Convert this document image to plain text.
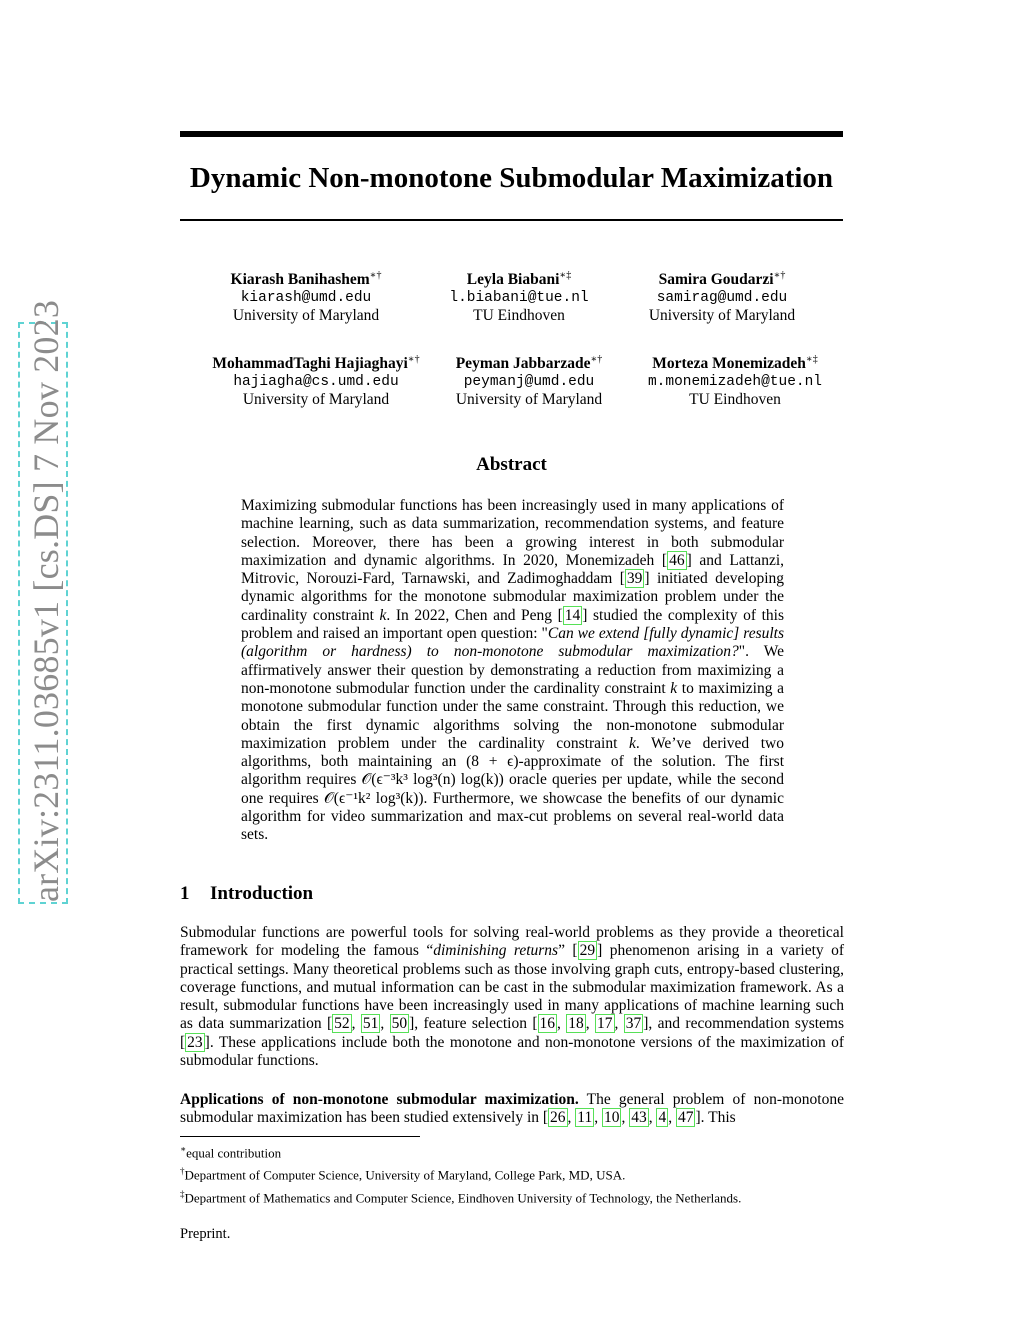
arXiv:2311.03685v1 [cs.DS] 7 Nov 2023
Dynamic Non-monotone Submodular Maximization
Kiarash Banihashem∗†
kiarash@umd.edu
University of Maryland
Leyla Biabani∗‡
l.biabani@tue.nl
TU Eindhoven
Samira Goudarzi∗†
samirag@umd.edu
University of Maryland
MohammadTaghi Hajiaghayi∗†
hajiagha@cs.umd.edu
University of Maryland
Peyman Jabbarzade∗†
peymanj@umd.edu
University of Maryland
Morteza Monemizadeh∗‡
m.monemizadeh@tue.nl
TU Eindhoven
Abstract
Maximizing submodular functions has been increasingly used in many applications of machine learning, such as data summarization, recommendation systems, and feature selection. Moreover, there has been a growing interest in both submodular maximization and dynamic algorithms. In 2020, Monemizadeh [ 46 ] and Lattanzi, Mitrovic, Norouzi-Fard, Tarnawski, and Zadimoghaddam [ 39 ] initiated developing dynamic algorithms for the monotone submodular maximization problem under the cardinality constraint k. In 2022, Chen and Peng [ 14 ] studied the complexity of this problem and raised an important open question: "Can we extend [fully dynamic] results (algorithm or hardness) to non-monotone submodular maximization?". We affirmatively answer their question by demonstrating a reduction from maximizing a non-monotone submodular function under the cardinality constraint k to maximizing a monotone submodular function under the same constraint. Through this reduction, we obtain the first dynamic algorithms solving the non-monotone submodular maximization problem under the cardinality constraint k. We’ve derived two algorithms, both maintaining an (8 + ϵ)-approximate of the solution. The first algorithm requires 𝒪(ϵ⁻³k³ log³(n) log(k)) oracle queries per update, while the second one requires 𝒪(ϵ⁻¹k² log³(k)). Furthermore, we showcase the benefits of our dynamic algorithm for video summarization and max-cut problems on several real-world data sets.
1 Introduction
Submodular functions are powerful tools for solving real-world problems as they provide a theoretical framework for modeling the famous “diminishing returns” [ 29 ] phenomenon arising in a variety of practical settings. Many theoretical problems such as those involving graph cuts, entropy-based clustering, coverage functions, and mutual information can be cast in the submodular maximization framework. As a result, submodular functions have been increasingly used in many applications of machine learning such as data summarization [ 52 , 51 , 50 ], feature selection [ 16 , 18 , 17 , 37 ], and recommendation systems [ 23 ]. These applications include both the monotone and non-monotone versions of the maximization of submodular functions.
Applications of non-monotone submodular maximization. The general problem of non-monotone submodular maximization has been studied extensively in [ 26 , 11 , 10 , 43 , 4 , 47 ]. This
∗equal contribution
†Department of Computer Science, University of Maryland, College Park, MD, USA.
‡Department of Mathematics and Computer Science, Eindhoven University of Technology, the Netherlands.
Preprint.
